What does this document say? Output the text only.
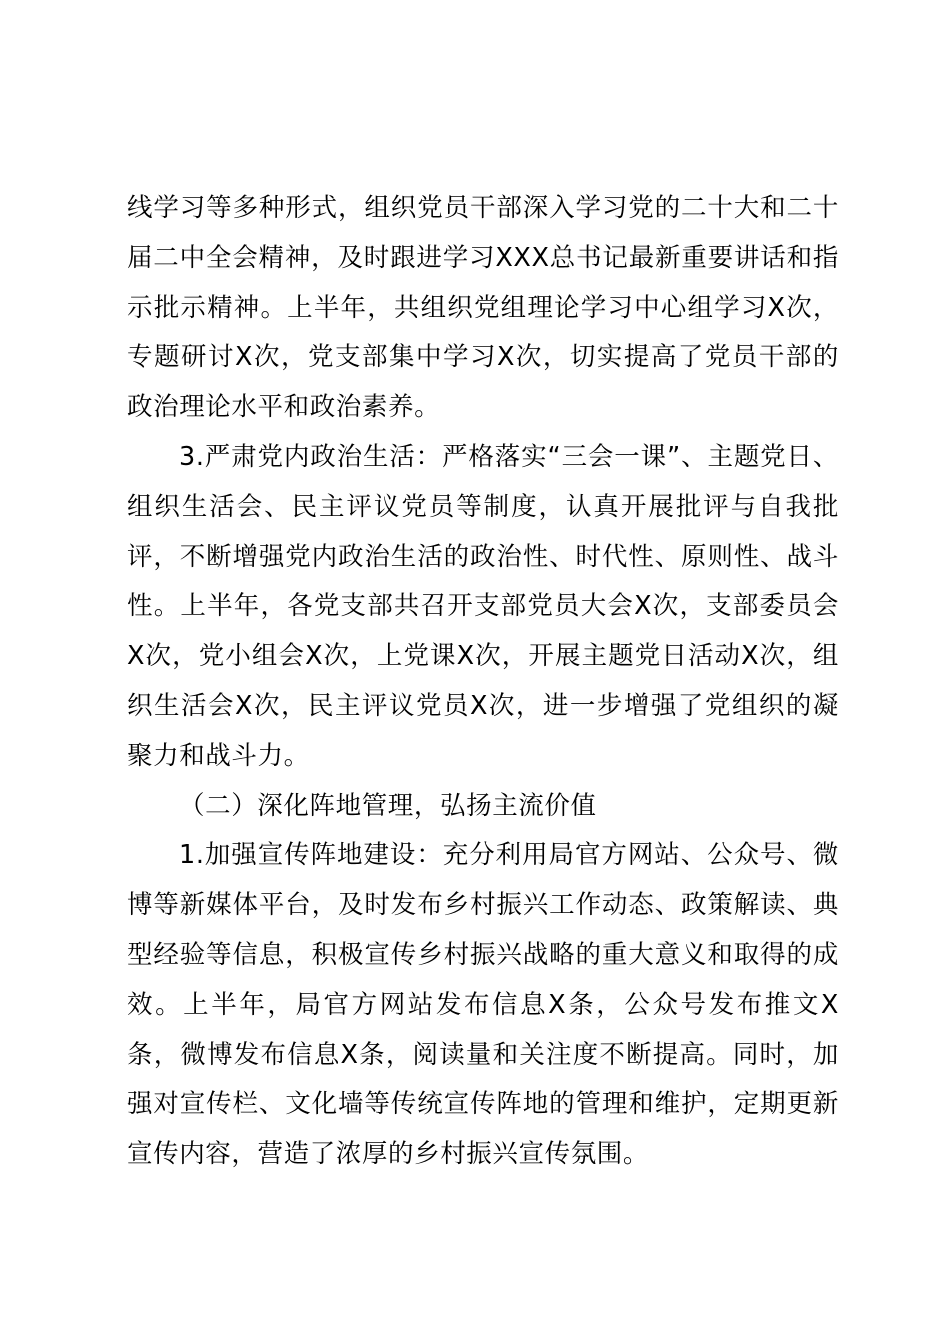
线学习等多种形式，组织党员干部深入学习党的二十大和二十届二中全会精神，及时跟进学习XXX总书记最新重要讲话和指示批示精神。上半年，共组织党组理论学习中心组学习X次，专题研讨X次，党支部集中学习X次，切实提高了党员干部的政治理论水平和政治素养。

3.严肃党内政治生活：严格落实“三会一课”、主题党日、组织生活会、民主评议党员等制度，认真开展批评与自我批评，不断增强党内政治生活的政治性、时代性、原则性、战斗性。上半年，各党支部共召开支部党员大会X次，支部委员会X次，党小组会X次，上党课X次，开展主题党日活动X次，组织生活会X次，民主评议党员X次，进一步增强了党组织的凝聚力和战斗力。

（二）深化阵地管理，弘扬主流价值

1.加强宣传阵地建设：充分利用局官方网站、公众号、微博等新媒体平台，及时发布乡村振兴工作动态、政策解读、典型经验等信息，积极宣传乡村振兴战略的重大意义和取得的成效。上半年，局官方网站发布信息X条，公众号发布推文X条，微博发布信息X条，阅读量和关注度不断提高。同时，加强对宣传栏、文化墙等传统宣传阵地的管理和维护，定期更新宣传内容，营造了浓厚的乡村振兴宣传氛围。
